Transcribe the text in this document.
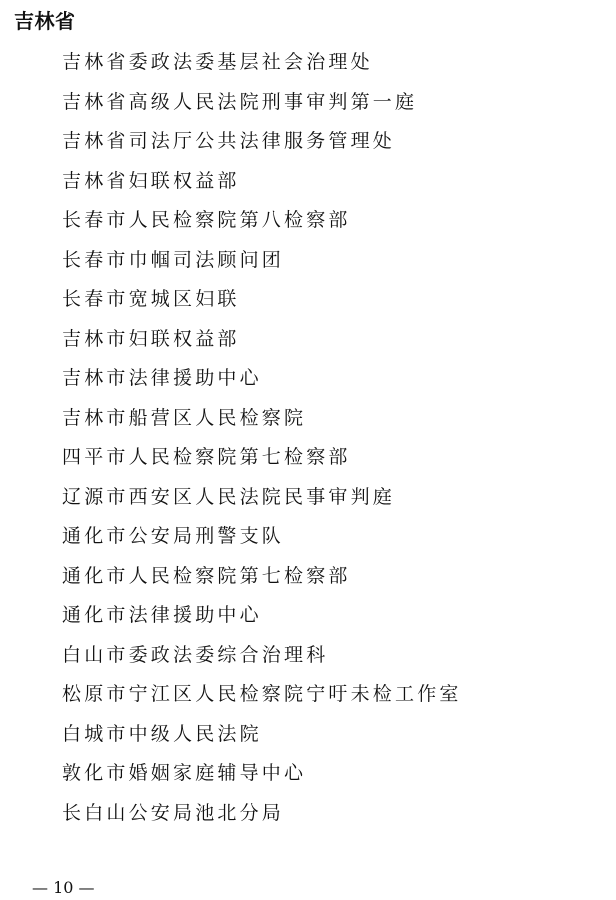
吉林省
吉林省委政法委基层社会治理处
吉林省高级人民法院刑事审判第一庭
吉林省司法厅公共法律服务管理处
吉林省妇联权益部
长春市人民检察院第八检察部
长春市巾帼司法顾问团
长春市宽城区妇联
吉林市妇联权益部
吉林市法律援助中心
吉林市船营区人民检察院
四平市人民检察院第七检察部
辽源市西安区人民法院民事审判庭
通化市公安局刑警支队
通化市人民检察院第七检察部
通化市法律援助中心
白山市委政法委综合治理科
松原市宁江区人民检察院宁吁未检工作室
白城市中级人民法院
敦化市婚姻家庭辅导中心
长白山公安局池北分局
— 10 —
